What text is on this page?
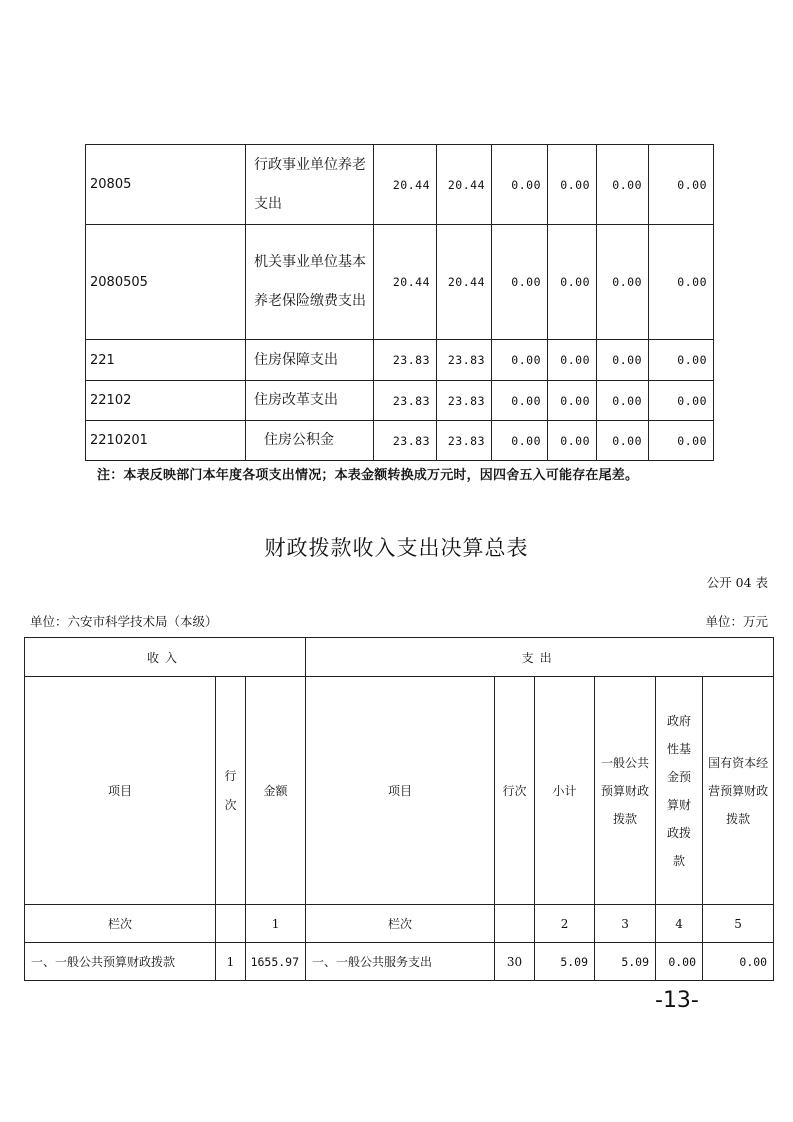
20805	行政事业单位养老支出	20.44	20.44	0.00	0.00	0.00	0.00
2080505	机关事业单位基本养老保险缴费支出	20.44	20.44	0.00	0.00	0.00	0.00
221	住房保障支出	23.83	23.83	0.00	0.00	0.00	0.00
22102	住房改革支出	23.83	23.83	0.00	0.00	0.00	0.00
2210201	住房公积金	23.83	23.83	0.00	0.00	0.00	0.00
注：本表反映部门本年度各项支出情况；本表金额转换成万元时，因四舍五入可能存在尾差。
财政拨款收入支出决算总表
公开 04 表
单位：六安市科学技术局（本级）	单位：万元
收入			支出					
项目	行次	金额	项目	行次	小计	一般公共预算财政拨款	政府性基金预算财政拨款	国有资本经营预算财政拨款
栏次		1	栏次		2	3	4	5
一、一般公共预算财政拨款	1	1655.97	一、一般公共服务支出	30	5.09	5.09	0.00	0.00
-13-
